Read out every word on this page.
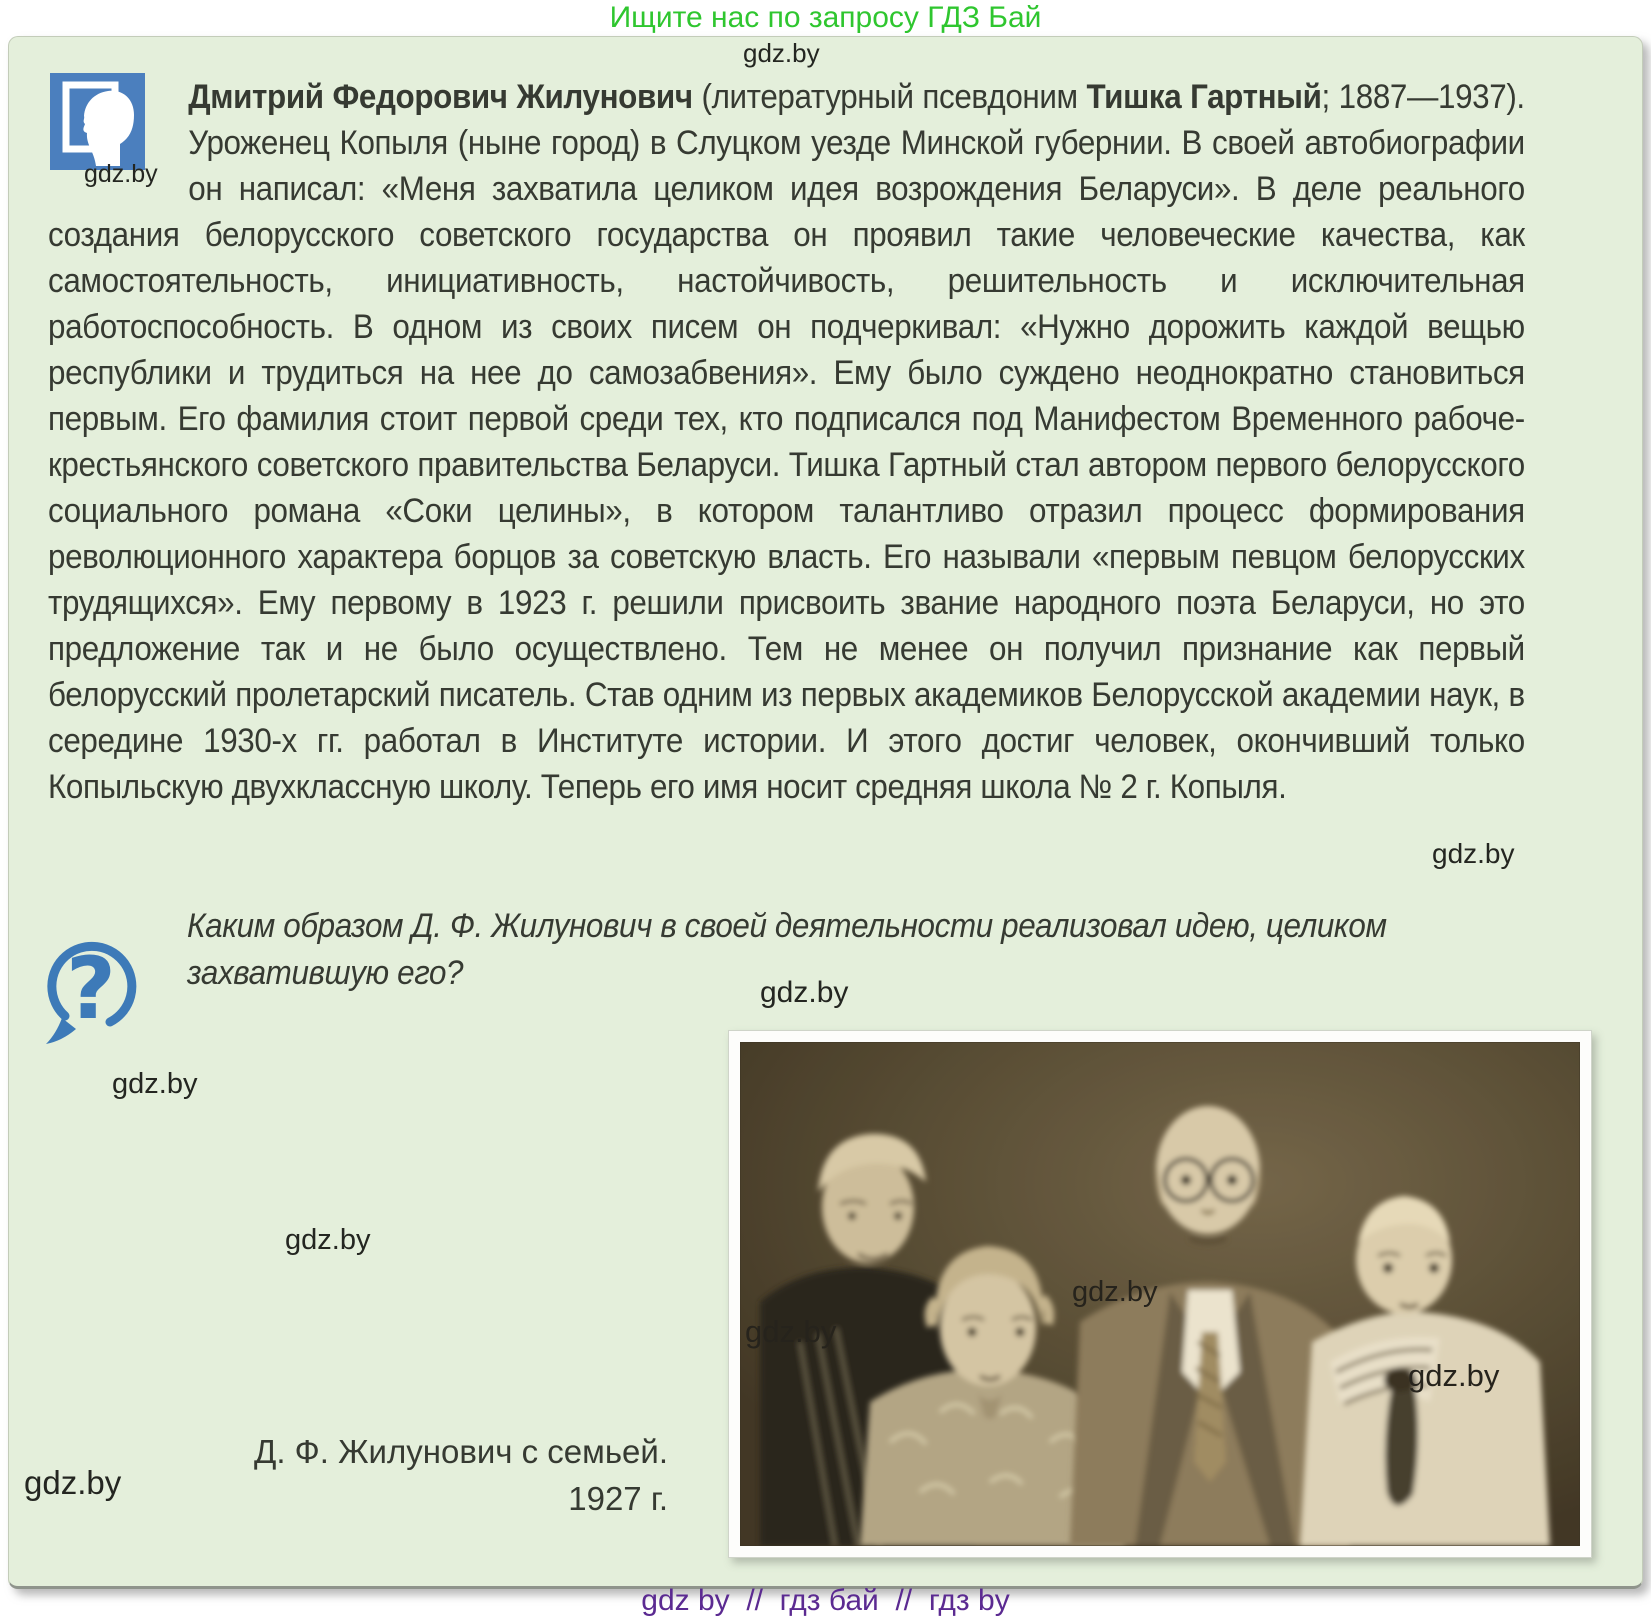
Ищите нас по запросу ГДЗ Бай
gdz.by
gdz.by

Дмитрий Федорович Жилунович (литературный псевдоним Тишка Гартный; 1887—1937). Уроженец Копыля (ныне город) в Слуцком уезде Минской губернии. В своей автобиографии он написал: «Меня захватила целиком идея возрождения Беларуси». В деле реального создания белорусского советского государства он проявил такие человеческие качества, как самостоятельность, инициативность, настойчивость, решительность и исключительная работоспособность. В одном из своих писем он подчеркивал: «Нужно дорожить каждой вещью республики и трудиться на нее до самозабвения». Ему было суждено неоднократно становиться первым. Его фамилия стоит первой среди тех, кто подписался под Манифестом Временного рабоче-крестьянского советского правительства Беларуси. Тишка Гартный стал автором первого белорусского социального романа «Соки целины», в котором талантливо отразил процесс формирования революционного характера борцов за советскую власть. Его называли «первым певцом белорусских трудящихся». Ему первому в 1923 г. решили присвоить звание народного поэта Беларуси, но это предложение так и не было осуществлено. Тем не менее он получил признание как первый белорусский пролетарский писатель. Став одним из первых академиков Белорусской академии наук, в середине 1930-х гг. работал в Институте истории. И этого достиг человек, окончивший только Копыльскую двухклассную школу. Теперь его имя носит средняя школа № 2 г. Копыля.

gdz.by
?

Каким образом Д. Ф. Жилунович в своей деятельности реализовал идею, целиком захватившую его?

gdz.by
gdz.by
gdz.by
gdz.by
gdz.by
gdz.by
gdz.by
Д. Ф. Жилунович с семьей.
1927 г.
gdz by  //  гдз бай  //  гдз by
